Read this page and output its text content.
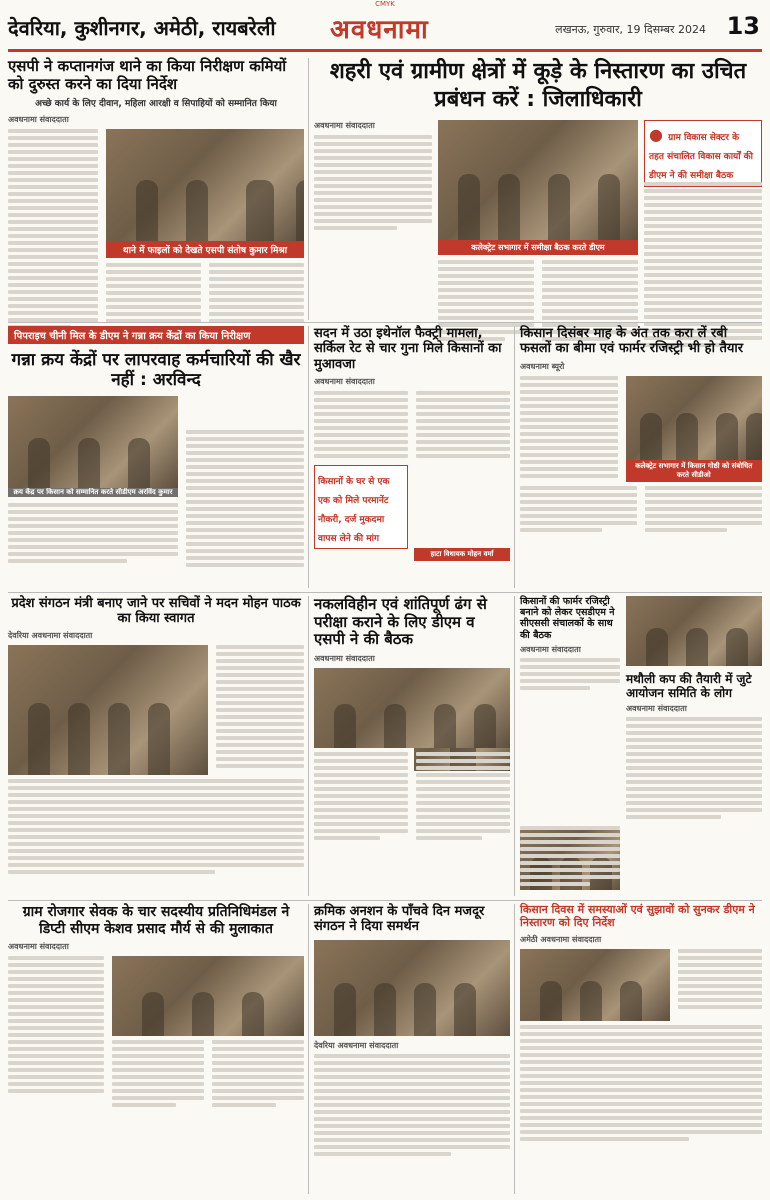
CMYK
देवरिया, कुशीनगर, अमेठी, रायबरेली अवधनामा	लखनऊ, गुरुवार, 19 दिसम्बर 2024 13
एसपी ने कप्तानगंज थाने का किया निरीक्षण कमियों को दुरुस्त करने का दिया निर्देश
अच्छे कार्य के लिए दीवान, महिला आरक्षी व सिपाहियों को सम्मानित किया
अवधनामा संवाददाता
थाने में फाइलों को देखते एसपी संतोष कुमार मिश्रा
शहरी एवं ग्रामीण क्षेत्रों में कूड़े के निस्तारण का उचित प्रबंधन करें : जिलाधिकारी
अवधनामा संवाददाता
कलेक्ट्रेट सभागार में समीक्षा बैठक करते डीएम
● ग्राम विकास सेक्टर के तहत संचालित विकास कार्यों की डीएम ने की समीक्षा बैठक
पिपराइच चीनी मिल के डीएम ने गन्ना क्रय केंद्रों का किया निरीक्षण
गन्ना क्रय केंद्रों पर लापरवाह कर्मचारियों की खैर नहीं : अरविन्द
क्रय केंद्र पर किसान को सम्मानित करते सीडीएम अरविंद कुमार
सदन में उठा इथेनॉल फैक्ट्री मामला, सर्किल रेट से चार गुना मिले किसानों का मुआवजा
अवधनामा संवाददाता
किसानों के घर से एक एक को मिले परमानेंट नौकरी, दर्ज मुकदमा वापस लेने की मांग
हाटा विधायक मोहन वर्मा
किसान दिसंबर माह के अंत तक करा लें रबी फसलों का बीमा एवं फार्मर रजिस्ट्री भी हो तैयार
अवधनामा ब्यूरो
कलेक्ट्रेट सभागार में किसान गोष्ठी को संबोधित करते सीडीओ
प्रदेश संगठन मंत्री बनाए जाने पर सचिवों ने मदन मोहन पाठक का किया स्वागत
देवरिया अवधनामा संवाददाता
नकलविहीन एवं शांतिपूर्ण ढंग से परीक्षा कराने के लिए डीएम व एसपी ने की बैठक
अवधनामा संवाददाता
किसानों की फार्मर रजिस्ट्री बनाने को लेकर एसडीएम ने सीएससी संचालकों के साथ की बैठक
अवधनामा संवाददाता
मथौली कप की तैयारी में जुटे आयोजन समिति के लोग
अवधनामा संवाददाता
ग्राम रोजगार सेवक के चार सदस्यीय प्रतिनिधिमंडल ने डिप्टी सीएम केशव प्रसाद मौर्य से की मुलाकात
अवधनामा संवाददाता
क्रमिक अनशन के पाँचवे दिन मजदूर संगठन ने दिया समर्थन
देवरिया अवधनामा संवाददाता
किसान दिवस में समस्याओं एवं सुझावों को सुनकर डीएम ने निस्तारण को दिए निर्देश
अमेठी अवधनामा संवाददाता
